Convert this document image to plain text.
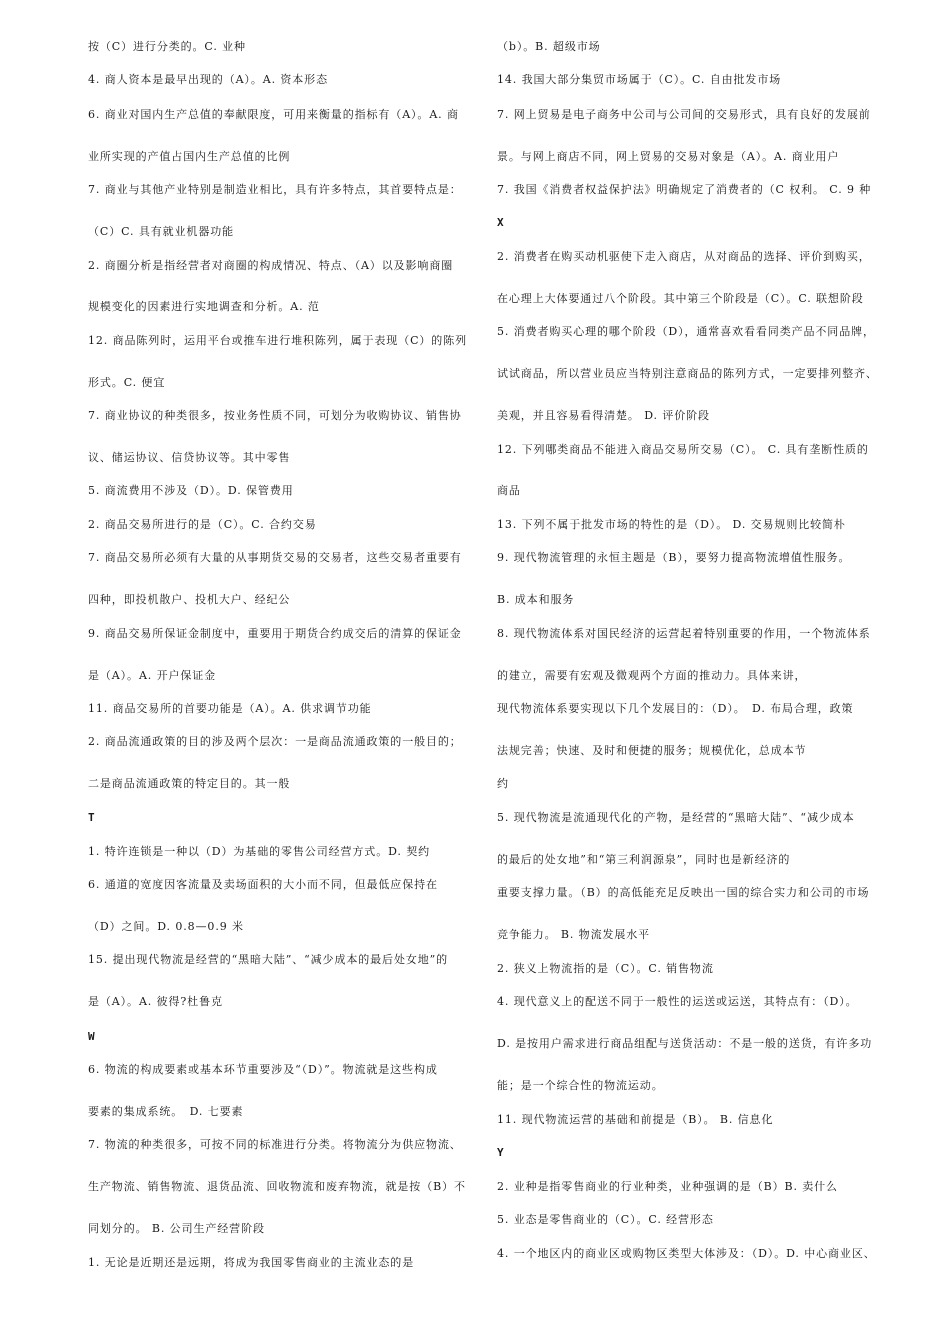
按（C）进行分类的。C. 业种
4. 商人资本是最早出现的（A）。A. 资本形态
6. 商业对国内生产总值的奉献限度，可用来衡量的指标有（A）。A. 商
业所实现的产值占国内生产总值的比例
7. 商业与其他产业特别是制造业相比，具有许多特点，其首要特点是：
（C）C. 具有就业机器功能
2. 商圈分析是指经营者对商圈的构成情况、特点、（A）以及影响商圈
规模变化的因素进行实地调查和分析。A. 范
12. 商品陈列时，运用平台或推车进行堆积陈列，属于表现（C）的陈列
形式。C. 便宜
7. 商业协议的种类很多，按业务性质不同，可划分为收购协议、销售协
议、储运协议、信贷协议等。其中零售
5. 商流费用不涉及（D）。D. 保管费用
2. 商品交易所进行的是（C）。C. 合约交易
7. 商品交易所必须有大量的从事期货交易的交易者，这些交易者重要有
四种，即投机散户、投机大户、经纪公
9. 商品交易所保证金制度中，重要用于期货合约成交后的清算的保证金
是（A）。A. 开户保证金
11. 商品交易所的首要功能是（A）。A. 供求调节功能
2. 商品流通政策的目的涉及两个层次：一是商品流通政策的一般目的；
二是商品流通政策的特定目的。其一般
T
1. 特许连锁是一种以（D）为基础的零售公司经营方式。D. 契约
6. 通道的宽度因客流量及卖场面积的大小而不同，但最低应保持在
（D）之间。D. 0.8—0.9 米
15. 提出现代物流是经营的“黑暗大陆”、“减少成本的最后处女地”的
是（A）。A. 彼得?杜鲁克
W
6. 物流的构成要素或基本环节重要涉及“（D）”。物流就是这些构成
要素的集成系统。　D. 七要素
7. 物流的种类很多，可按不同的标准进行分类。将物流分为供应物流、
生产物流、销售物流、退货品流、回收物流和废弃物流，就是按（B）不
同划分的。 B. 公司生产经营阶段
1. 无论是近期还是远期，将成为我国零售商业的主流业态的是
（b）。B. 超级市场
14. 我国大部分集贸市场属于（C）。C. 自由批发市场
7. 网上贸易是电子商务中公司与公司间的交易形式，具有良好的发展前
景。与网上商店不同，网上贸易的交易对象是（A）。A. 商业用户
7. 我国《消费者权益保护法》明确规定了消费者的（C 权利。 C. 9 种
X
2. 消费者在购买动机驱使下走入商店，从对商品的选择、评价到购买，
在心理上大体要通过八个阶段。其中第三个阶段是（C）。C. 联想阶段
5. 消费者购买心理的哪个阶段（D），通常喜欢看看同类产品不同品牌，
试试商品，所以营业员应当特别注意商品的陈列方式，一定要排列整齐、
美观，并且容易看得清楚。 D. 评价阶段
12. 下列哪类商品不能进入商品交易所交易（C）。 C. 具有垄断性质的
商品
13. 下列不属于批发市场的特性的是（D）。 D. 交易规则比较简朴
9. 现代物流管理的永恒主题是（B），要努力提高物流增值性服务。
B. 成本和服务
8. 现代物流体系对国民经济的运营起着特别重要的作用，一个物流体系
的建立，需要有宏观及微观两个方面的推动力。具体来讲，
现代物流体系要实现以下几个发展目的：（D）。　D. 布局合理，政策
法规完善；快速、及时和便捷的服务；规模优化，总成本节
约
5. 现代物流是流通现代化的产物，是经营的“黑暗大陆”、“减少成本
的最后的处女地”和“第三利润源泉”，同时也是新经济的
重要支撑力量。（B）的高低能充足反映出一国的综合实力和公司的市场
竞争能力。 B. 物流发展水平
2. 狭义上物流指的是（C）。C. 销售物流
4. 现代意义上的配送不同于一般性的运送或运送，其特点有：（D）。
D. 是按用户需求进行商品组配与送货活动：不是一般的送货，有许多功
能；是一个综合性的物流运动。
11. 现代物流运营的基础和前提是（B）。 B. 信息化
Y
2. 业种是指零售商业的行业种类，业种强调的是（B）B. 卖什么
5. 业态是零售商业的（C）。C. 经营形态
4. 一个地区内的商业区或购物区类型大体涉及：（D）。D. 中心商业区、
